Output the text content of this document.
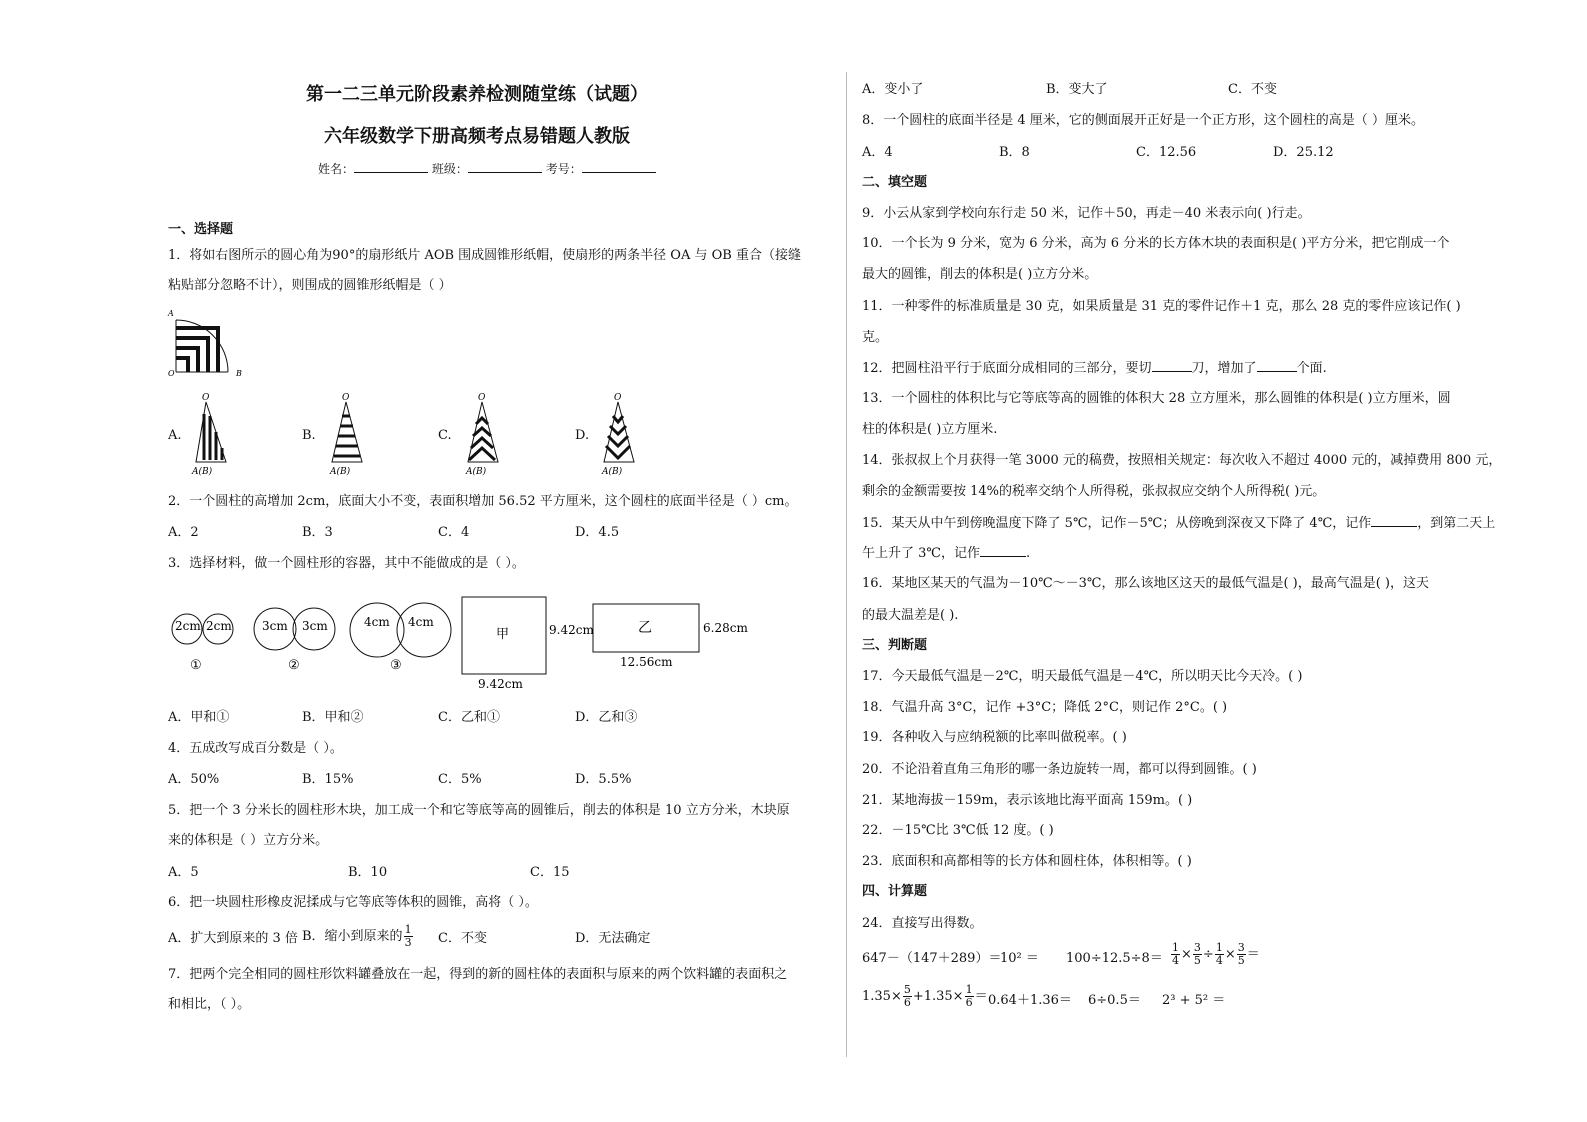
第一二三单元阶段素养检测随堂练（试题）
六年级数学下册高频考点易错题人教版
姓名：	班级：	考号：
一、选择题
1．将如右图所示的圆心角为90°的扇形纸片 AOB 围成圆锥形纸帽，使扇形的两条半径 OA 与 OB 重合（接缝
粘贴部分忽略不计），则围成的圆锥形纸帽是（ ）
A
O	B
A.
O
A(B)
B.
O
A(B)
C.
O
A(B)
D.
O
A(B)
2．一个圆柱的高增加 2cm，底面大小不变，表面积增加 56.52 平方厘米，这个圆柱的底面半径是（ ）cm。
A．2	B．3	C．4	D．4.5
3．选择材料，做一个圆柱形的容器，其中不能做成的是（ ）。
2cm 2cm
①
3cm 3cm
②
4cm 4cm
③
甲	9.42cm
9.42cm
乙	6.28cm
12.56cm
A．甲和①	B．甲和②	C．乙和①	D．乙和③
4．五成改写成百分数是（ ）。
A．50%	B．15%	C．5%	D．5.5%
5．把一个 3 分米长的圆柱形木块，加工成一个和它等底等高的圆锥后，削去的体积是 10 立方分米，木块原
来的体积是（ ）立方分米。
A．5	B．10	C．15
6．把一块圆柱形橡皮泥揉成与它等底等体积的圆锥，高将（ ）。
A．扩大到原来的 3 倍 B．缩小到原来的 $\frac{1}{3}$ C．不变	D．无法确定
7．把两个完全相同的圆柱形饮料罐叠放在一起，得到的新的圆柱体的表面积与原来的两个饮料罐的表面积之
和相比，（ ）。
A．变小了	B．变大了	C．不变
8．一个圆柱的底面半径是 4 厘米，它的侧面展开正好是一个正方形，这个圆柱的高是（ ）厘米。
A．4	B．8	C．12.56	D．25.12
二、填空题
9．小云从家到学校向东行走 50 米，记作＋50，再走－40 米表示向( )行走。
10．一个长为 9 分米，宽为 6 分米，高为 6 分米的长方体木块的表面积是( )平方分米，把它削成一个
最大的圆锥，削去的体积是( )立方分米。
11．一种零件的标准质量是 30 克，如果质量是 31 克的零件记作＋1 克，那么 28 克的零件应该记作( )
克。
12．把圆柱沿平行于底面分成相同的三部分，要切	刀，增加了	个面.
13．一个圆柱的体积比与它等底等高的圆锥的体积大 28 立方厘米，那么圆锥的体积是( )立方厘米，圆
柱的体积是( )立方厘米.
14．张叔叔上个月获得一笔 3000 元的稿费，按照相关规定：每次收入不超过 4000 元的，减掉费用 800 元，
剩余的金额需要按 14%的税率交纳个人所得税，张叔叔应交纳个人所得税( )元。
15．某天从中午到傍晚温度下降了 5℃，记作－5℃；从傍晚到深夜又下降了 4℃，记作	，到第二天上
午上升了 3℃，记作	.
16．某地区某天的气温为－10℃～－3℃，那么该地区这天的最低气温是( )，最高气温是( )，这天
的最大温差是( ).
三、判断题
17．今天最低气温是－2℃，明天最低气温是－4℃，所以明天比今天冷。( )
18．气温升高 3°C，记作 +3°C；降低 2°C，则记作 2°C。( )
19．各种收入与应纳税额的比率叫做税率。( )
20．不论沿着直角三角形的哪一条边旋转一周，都可以得到圆锥。( )
21．某地海拔－159m，表示该地比海平面高 159m。( )
22．－15℃比 3℃低 12 度。( )
23．底面积和高都相等的长方体和圆柱体，体积相等。( )
四、计算题
24．直接写出得数。
647－（147＋289）＝
$10^2 = 100\div 12.5\div 8= \frac{1}{4} \times \frac{3}{5} \div \frac{1}{4} \times \frac{3}{5}$ ＝
$1.35\times \frac{5}{6} +1.35\times \frac{1}{6} = 0.64+1.36= 6\div 0.5= 2^3 + 5^2$ ＝
